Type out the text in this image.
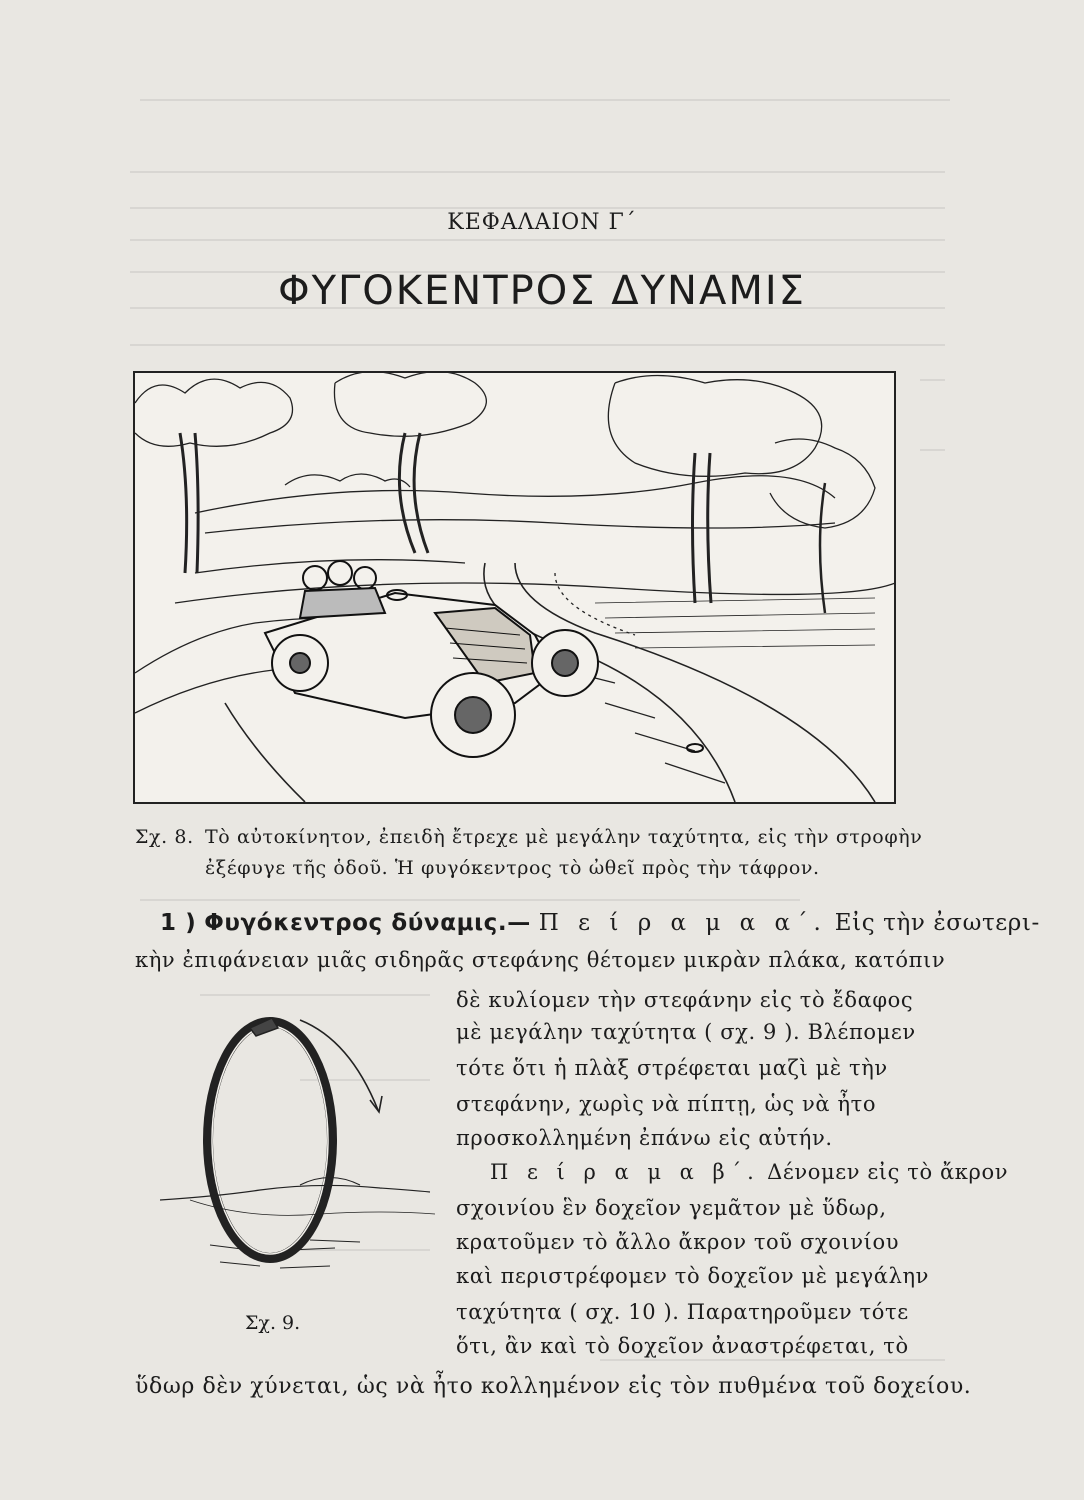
ΚΕΦΑΛΑΙΟΝ Γ΄
ΦΥΓΟΚΕΝΤΡΟΣ ΔΥΝΑΜΙΣ
Σχ. 8. Τὸ αὐτοκίνητον, ἐπειδὴ ἔτρεχε μὲ μεγάλην ταχύτητα, εἰς τὴν στροφὴν
ἐξέφυγε τῆς ὁδοῦ. Ἡ φυγόκεντρος τὸ ὠθεῖ πρὸς τὴν τάφρον.
1 ) Φυγόκεντρος δύναμις.— Π ε ί ρ α μ α α΄. Εἰς τὴν ἐσωτερι-
κὴν ἐπιφάνειαν μιᾶς σιδηρᾶς στεφάνης θέτομεν μικρὰν πλάκα, κατόπιν
δὲ κυλίομεν τὴν στεφάνην εἰς τὸ ἔδαφος
μὲ μεγάλην ταχύτητα ( σχ. 9 ). Βλέπομεν
τότε ὅτι ἡ πλὰξ στρέφεται μαζὶ μὲ τὴν
στεφάνην, χωρὶς νὰ πίπτῃ, ὡς νὰ ἦτο
προσκολλημένη ἐπάνω εἰς αὐτήν.
Π ε ί ρ α μ α β΄. Δένομεν εἰς τὸ ἄκρον
σχοινίου ἓν δοχεῖον γεμᾶτον μὲ ὕδωρ,
κρατοῦμεν τὸ ἄλλο ἄκρον τοῦ σχοινίου
καὶ περιστρέφομεν τὸ δοχεῖον μὲ μεγάλην
ταχύτητα ( σχ. 10 ). Παρατηροῦμεν τότε
ὅτι, ἂν καὶ τὸ δοχεῖον ἀναστρέφεται, τὸ
ὕδωρ δὲν χύνεται, ὡς νὰ ἦτο κολλημένον εἰς τὸν πυθμένα τοῦ δοχείου.
Σχ. 9.
